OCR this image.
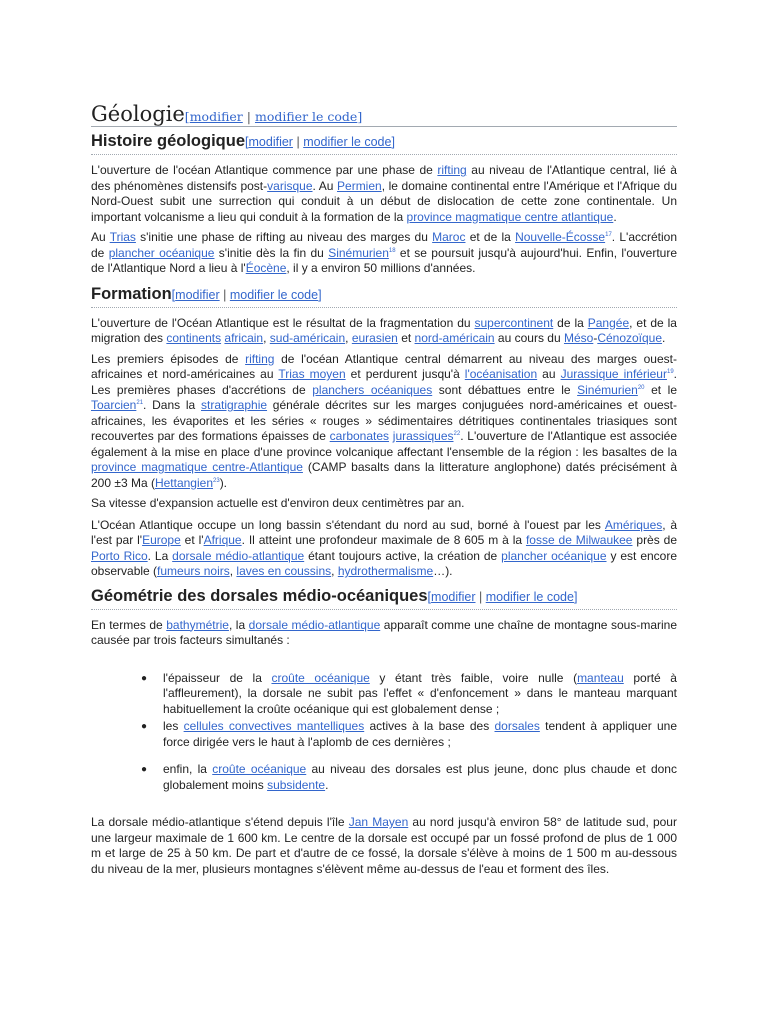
Géologie[modifier | modifier le code]
Histoire géologique[modifier | modifier le code]

L'ouverture de l'océan Atlantique commence par une phase de rifting au niveau de l'Atlantique central, lié à des phénomènes distensifs post-varisque. Au Permien, le domaine continental entre l'Amérique et l'Afrique du Nord-Ouest subit une surrection qui conduit à un début de dislocation de cette zone continentale. Un important volcanisme a lieu qui conduit à la formation de la province magmatique centre atlantique.

Au Trias s'initie une phase de rifting au niveau des marges du Maroc et de la Nouvelle-Écosse$^{17}$. L'accrétion de plancher océanique s'initie dès la fin du Sinémurien$^{18}$ et se poursuit jusqu'à aujourd'hui. Enfin, l'ouverture de l'Atlantique Nord a lieu à l'Éocène, il y a environ 50 millions d'années.

Formation[modifier | modifier le code]

L'ouverture de l'Océan Atlantique est le résultat de la fragmentation du supercontinent de la Pangée, et de la migration des continents africain, sud-américain, eurasien et nord-américain au cours du Méso-Cénozoïque.

Les premiers épisodes de rifting de l'océan Atlantique central démarrent au niveau des marges ouest-africaines et nord-américaines au Trias moyen et perdurent jusqu'à l'océanisation au Jurassique inférieur$^{19}$. Les premières phases d'accrétions de planchers océaniques sont débattues entre le Sinémurien$^{20}$ et le Toarcien$^{21}$. Dans la stratigraphie générale décrites sur les marges conjuguées nord-américaines et ouest-africaines, les évaporites et les séries « rouges » sédimentaires détritiques continentales triasiques sont recouvertes par des formations épaisses de carbonates jurassiques$^{22}$. L'ouverture de l'Atlantique est associée également à la mise en place d'une province volcanique affectant l'ensemble de la région : les basaltes de la province magmatique centre-Atlantique (CAMP basalts dans la litterature anglophone) datés précisément à 200 ±3 Ma (Hettangien$^{23}$).

Sa vitesse d'expansion actuelle est d'environ deux centimètres par an.

L'Océan Atlantique occupe un long bassin s'étendant du nord au sud, borné à l'ouest par les Amériques, à l'est par l'Europe et l'Afrique. Il atteint une profondeur maximale de 8 605 m à la fosse de Milwaukee près de Porto Rico. La dorsale médio-atlantique étant toujours active, la création de plancher océanique y est encore observable (fumeurs noirs, laves en coussins, hydrothermalisme…).

Géométrie des dorsales médio-océaniques[modifier | modifier le code]

En termes de bathymétrie, la dorsale médio-atlantique apparaît comme une chaîne de montagne sous-marine causée par trois facteurs simultanés :

● l'épaisseur de la croûte océanique y étant très faible, voire nulle (manteau porté à l'affleurement), la dorsale ne subit pas l'effet « d'enfoncement » dans le manteau marquant habituellement la croûte océanique qui est globalement dense ;
● les cellules convectives mantelliques actives à la base des dorsales tendent à appliquer une force dirigée vers le haut à l'aplomb de ces dernières ;
● enfin, la croûte océanique au niveau des dorsales est plus jeune, donc plus chaude et donc globalement moins subsidente.

La dorsale médio-atlantique s'étend depuis l'île Jan Mayen au nord jusqu'à environ 58° de latitude sud, pour une largeur maximale de 1 600 km. Le centre de la dorsale est occupé par un fossé profond de plus de 1 000 m et large de 25 à 50 km. De part et d'autre de ce fossé, la dorsale s'élève à moins de 1 500 m au-dessous du niveau de la mer, plusieurs montagnes s'élèvent même au-dessus de l'eau et forment des îles.
